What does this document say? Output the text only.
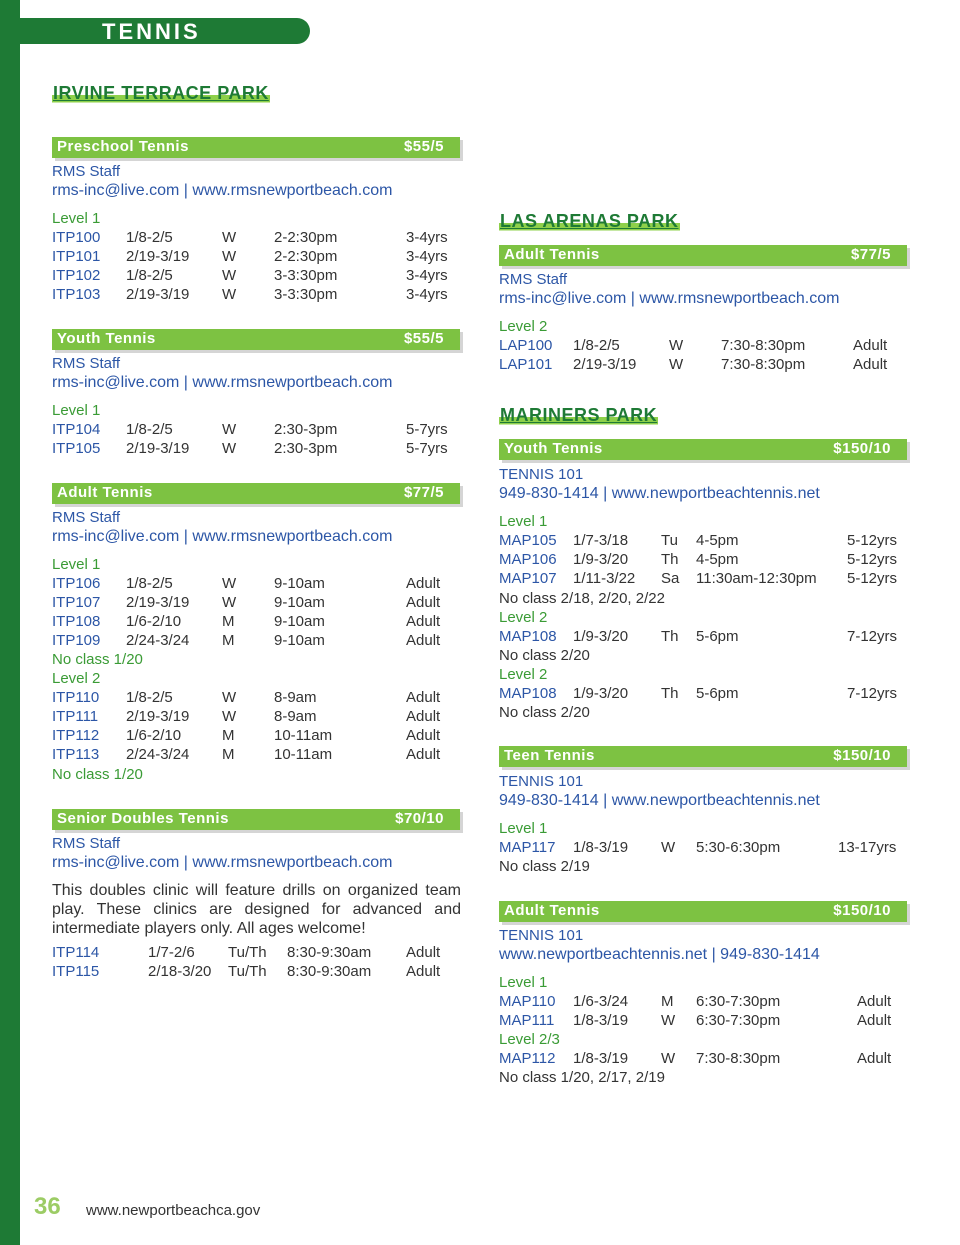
TENNIS
IRVINE TERRACE PARK
Preschool Tennis	$55/5
RMS Staff
rms-inc@live.com | www.rmsnewportbeach.com
Level 1
Youth Tennis	$55/5
RMS Staff
rms-inc@live.com | www.rmsnewportbeach.com
Level 1
Adult Tennis	$77/5
RMS Staff
rms-inc@live.com | www.rmsnewportbeach.com
Level 1
No class 1/20
Level 2
No class 1/20
Senior Doubles Tennis	$70/10
RMS Staff
rms-inc@live.com | www.rmsnewportbeach.com
This doubles clinic will feature drills on organized team play. These clinics are designed for advanced and intermediate players only. All ages welcome!
LAS ARENAS PARK
Adult Tennis	$77/5
RMS Staff
rms-inc@live.com | www.rmsnewportbeach.com
Level 2
MARINERS PARK
Youth Tennis	$150/10
TENNIS 101
949-830-1414 | www.newportbeachtennis.net
Level 1
No class 2/18, 2/20, 2/22
Level 2
No class 2/20
Level 2
No class 2/20
Teen Tennis	$150/10
TENNIS 101
949-830-1414 | www.newportbeachtennis.net
Level 1
No class 2/19
Adult Tennis	$150/10
TENNIS 101
www.newportbeachtennis.net | 949-830-1414
Level 1
Level 2/3
No class 1/20, 2/17, 2/19
36 www.newportbeachca.gov
ITP100 1/8-2/5	W	2-2:30pm	3-4yrs
ITP101 2/19-3/19 W	2-2:30pm	3-4yrs
ITP102 1/8-2/5	W	3-3:30pm	3-4yrs
ITP103 2/19-3/19 W	3-3:30pm	3-4yrs
ITP104 1/8-2/5	W	2:30-3pm	5-7yrs
ITP105 2/19-3/19 W	2:30-3pm	5-7yrs
ITP106 1/8-2/5	W	9-10am	Adult
ITP107 2/19-3/19 W	9-10am	Adult
ITP108 1/6-2/10	M	9-10am	Adult
ITP109 2/24-3/24 M	9-10am	Adult
ITP110 1/8-2/5	W	8-9am	Adult
ITP111 2/19-3/19 W	8-9am	Adult
ITP112 1/6-2/10	M	10-11am	Adult
ITP113 2/24-3/24 M	10-11am	Adult
ITP114	1/7-2/6 Tu/Th 8:30-9:30am Adult
ITP115	2/18-3/20 Tu/Th 8:30-9:30am Adult
LAP100 1/8-2/5	W	7:30-8:30pm	Adult
LAP101 2/19-3/19 W	7:30-8:30pm	Adult
MAP105 1/7-3/18 Tu 4-5pm	5-12yrs
MAP106 1/9-3/20 Th 4-5pm	5-12yrs
MAP107 1/11-3/22 Sa 11:30am-12:30pm 5-12yrs
MAP108 1/9-3/20 Th 5-6pm	7-12yrs
MAP108 1/9-3/20 Th 5-6pm	7-12yrs
MAP117 1/8-3/19 W 5:30-6:30pm	13-17yrs
MAP110 1/6-3/24 M 6:30-7:30pm	Adult
MAP111 1/8-3/19 W 6:30-7:30pm	Adult
MAP112 1/8-3/19 W 7:30-8:30pm	Adult
